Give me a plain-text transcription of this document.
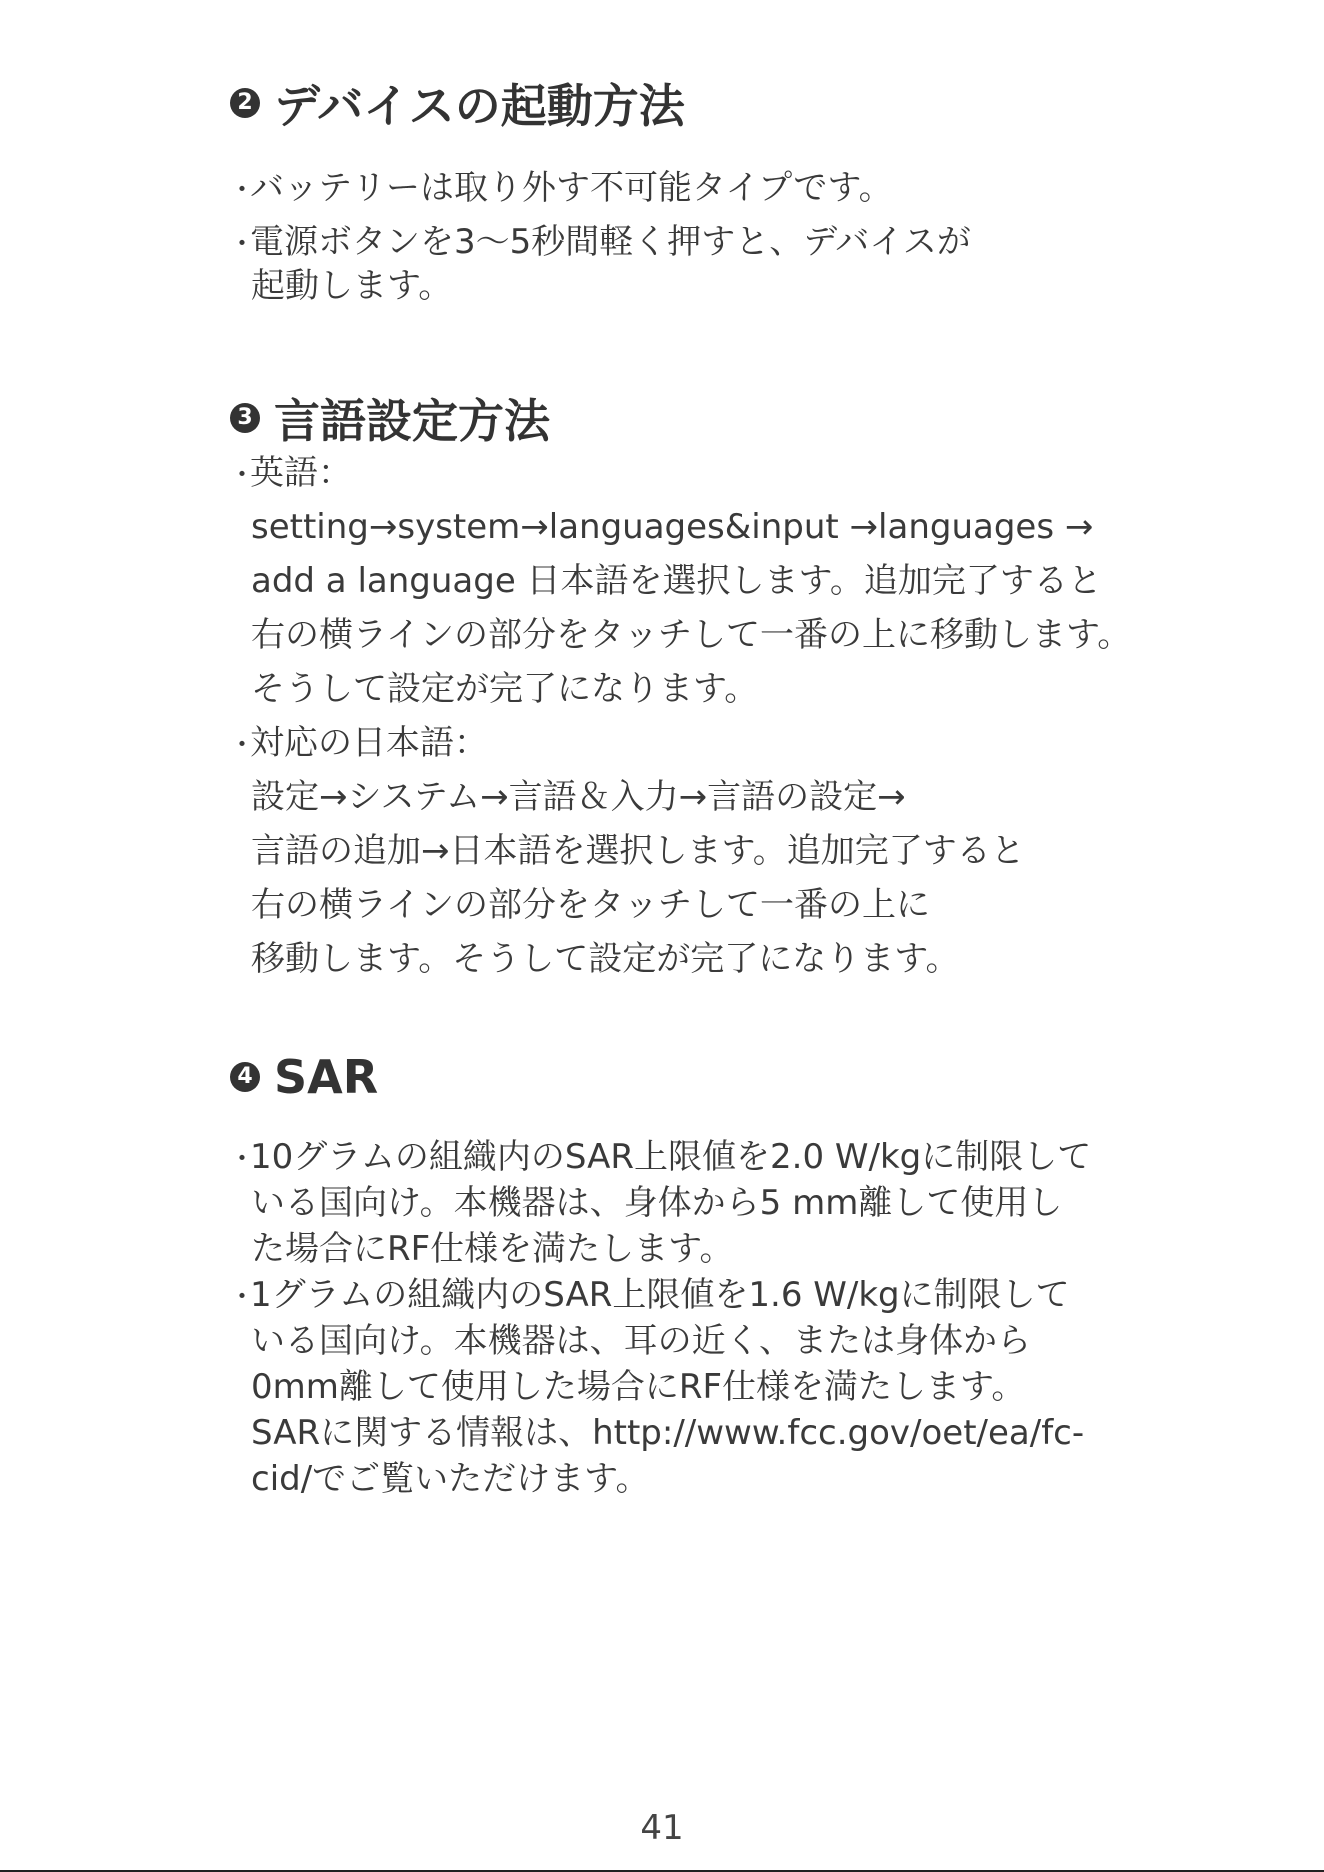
2 デバイスの起動方法
・バッテリーは取り外す不可能タイプです。
・電源ボタンを3〜5秒間軽く押すと、デバイスが
起動します。
3 言語設定方法
・英語：
setting→system→languages&input →languages →
add a language 日本語を選択します。追加完了すると
右の横ラインの部分をタッチして一番の上に移動します。
そうして設定が完了になります。
・対応の日本語：
設定→システム→言語＆入力→言語の設定→
言語の追加→日本語を選択します。追加完了すると
右の横ラインの部分をタッチして一番の上に
移動します。そうして設定が完了になります。
4 SAR
・10グラムの組織内のSAR上限値を2.0 W/kgに制限して
いる国向け。本機器は、身体から5 mm離して使用し
た場合にRF仕様を満たします。
・1グラムの組織内のSAR上限値を1.6 W/kgに制限して
いる国向け。本機器は、耳の近く、または身体から
0mm離して使用した場合にRF仕様を満たします。
SARに関する情報は、http://www.fcc.gov/oet/ea/fc-
cid/でご覧いただけます。
41
